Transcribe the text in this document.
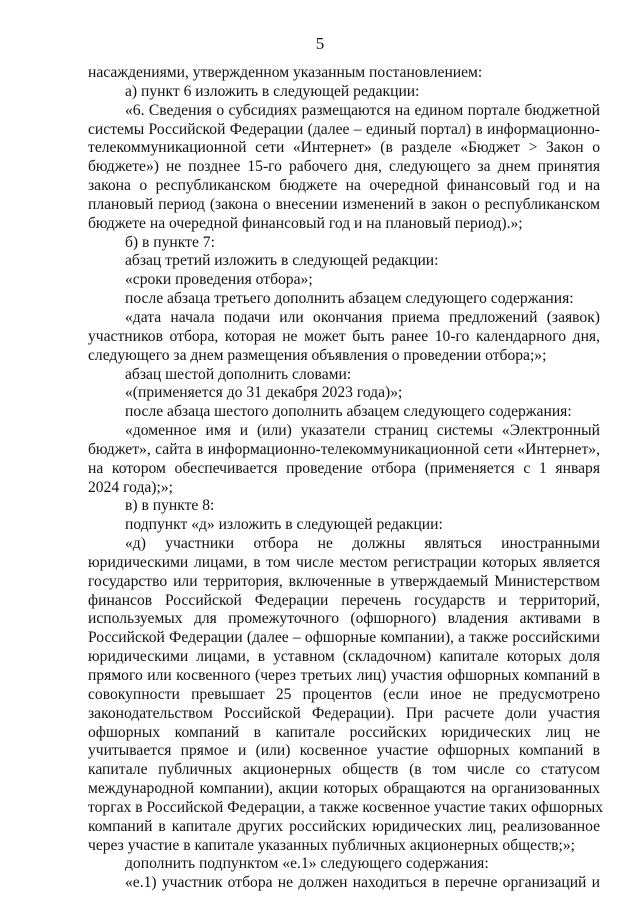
5
насаждениями, утвержденном указанным постановлением:
а) пункт 6 изложить в следующей редакции:
«6. Сведения о субсидиях размещаются на едином портале бюджетной
системы Российской Федерации (далее – единый портал) в информационно-
телекоммуникационной сети «Интернет» (в разделе «Бюджет > Закон о
бюджете») не позднее 15-го рабочего дня, следующего за днем принятия
закона о республиканском бюджете на очередной финансовый год и на
плановый период (закона о внесении изменений в закон о республиканском
бюджете на очередной финансовый год и на плановый период).»;
б) в пункте 7:
абзац третий изложить в следующей редакции:
«сроки проведения отбора»;
после абзаца третьего дополнить абзацем следующего содержания:
«дата начала подачи или окончания приема предложений (заявок)
участников отбора, которая не может быть ранее 10-го календарного дня,
следующего за днем размещения объявления о проведении отбора;»;
абзац шестой дополнить словами:
«(применяется до 31 декабря 2023 года)»;
после абзаца шестого дополнить абзацем следующего содержания:
«доменное имя и (или) указатели страниц системы «Электронный
бюджет», сайта в информационно-телекоммуникационной сети «Интернет»,
на котором обеспечивается проведение отбора (применяется с 1 января
2024 года);»;
в) в пункте 8:
подпункт «д» изложить в следующей редакции:
«д) участники отбора не должны являться иностранными
юридическими лицами, в том числе местом регистрации которых является
государство или территория, включенные в утверждаемый Министерством
финансов Российской Федерации перечень государств и территорий,
используемых для промежуточного (офшорного) владения активами в
Российской Федерации (далее – офшорные компании), а также российскими
юридическими лицами, в уставном (складочном) капитале которых доля
прямого или косвенного (через третьих лиц) участия офшорных компаний в
совокупности превышает 25 процентов (если иное не предусмотрено
законодательством Российской Федерации). При расчете доли участия
офшорных компаний в капитале российских юридических лиц не
учитывается прямое и (или) косвенное участие офшорных компаний в
капитале публичных акционерных обществ (в том числе со статусом
международной компании), акции которых обращаются на организованных
торгах в Российской Федерации, а также косвенное участие таких офшорных
компаний в капитале других российских юридических лиц, реализованное
через участие в капитале указанных публичных акционерных обществ;»;
дополнить подпунктом «е.1» следующего содержания:
«е.1) участник отбора не должен находиться в перечне организаций и
